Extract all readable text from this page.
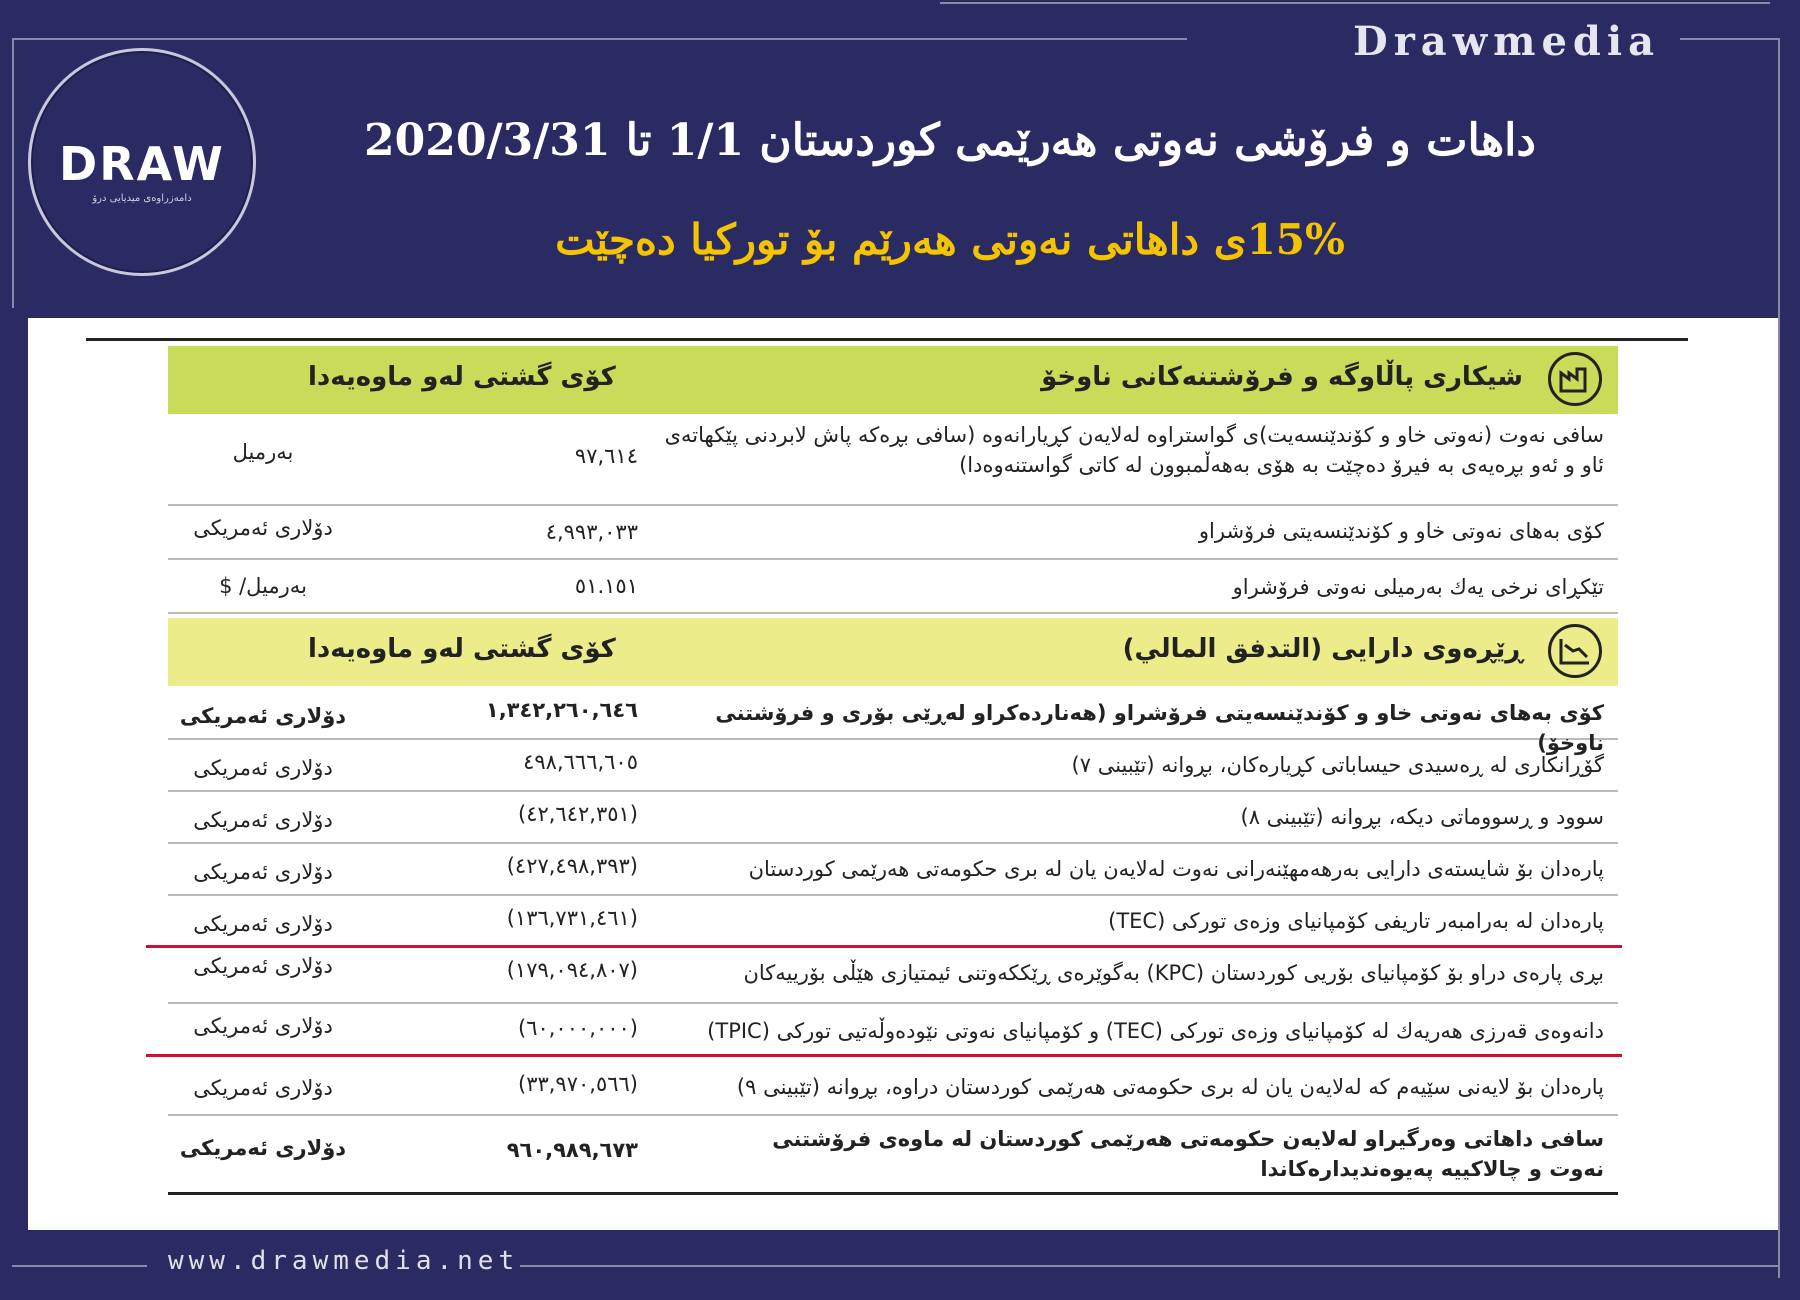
Drawmedia
DRAW
دامەزراوەی میدیایی درۆ
داهات و فرۆشی نەوتی هەرێمی كوردستان 1/1 تا 2020/3/31
15%ی داهاتی نەوتی هەرێم بۆ توركیا دەچێت
شیكاری پاڵاوگە و فرۆشتنەكانی ناوخۆ
كۆی گشتی لەو ماوەیەدا
سافی نەوت (نەوتی خاو و كۆندێنسەیت)ی گواستراوە لەلایەن كڕیارانەوە (سافی بڕەكە پاش لابردنی پێكهاتەی ئاو و ئەو بڕەیەی بە فیرۆ دەچێت بە هۆی بەهەڵمبوون لە كاتی گواستنەوەدا)
٩٧,٦١٤
بەرمیل
كۆی بەهای نەوتی خاو و كۆندێنسەیتی فرۆشراو
٤,٩٩٣,٠٣٣
دۆلاری ئەمریكی
تێكڕای نرخی یەك بەرمیلی نەوتی فرۆشراو
٥١.١٥١
بەرمیل/ $
ڕێڕەوی دارایی (التدفق المالي)
كۆی گشتی لەو ماوەیەدا
كۆی بەهای نەوتی خاو و كۆندێنسەیتی فرۆشراو (هەناردەكراو لەڕێی بۆری و فرۆشتنی ناوخۆ)
١,٣٤٢,٢٦٠,٦٤٦
دۆلاری ئەمریكی
گۆڕانكاری لە ڕەسیدی حیساباتی كڕیارەكان، بڕوانە (تێبینی ٧)
٤٩٨,٦٦٦,٦٠٥
دۆلاری ئەمریكی
سوود و ڕسووماتی دیكە، بڕوانە (تێبینی ٨)
(٤٢,٦٤٢,٣٥١)
دۆلاری ئەمریكی
پارەدان بۆ شایستەی دارایی بەرهەمهێنەرانی نەوت لەلایەن یان لە بری حكومەتی هەرێمی كوردستان
(٤٢٧,٤٩٨,٣٩٣)
دۆلاری ئەمریكی
پارەدان لە بەرامبەر تاریفی كۆمپانیای وزەی توركی (TEC)
(١٣٦,٧٣١,٤٦١)
دۆلاری ئەمریكی
بڕی پارەی دراو بۆ كۆمپانیای بۆریی كوردستان (KPC) بەگوێرەی ڕێككەوتنی ئیمتیازی هێڵی بۆرییەكان
(١٧٩,٠٩٤,٨٠٧)
دۆلاری ئەمریكی
دانەوەی قەرزی هەریەك لە كۆمپانیای وزەی توركی (TEC) و كۆمپانیای نەوتی نێودەوڵەتیی توركی (TPIC)
(٦٠,٠٠٠,٠٠٠)
دۆلاری ئەمریكی
پارەدان بۆ لایەنی سێیەم كە لەلایەن یان لە بری حكومەتی هەرێمی كوردستان دراوە، بڕوانە (تێبینی ٩)
(٣٣,٩٧٠,٥٦٦)
دۆلاری ئەمریكی
سافی داهاتی وەرگیراو لەلایەن حكومەتی هەرێمی كوردستان لە ماوەی فرۆشتنی نەوت و چالاكییە پەیوەندیدارەكاندا
٩٦٠,٩٨٩,٦٧٣
دۆلاری ئەمریكی
www.drawmedia.net
